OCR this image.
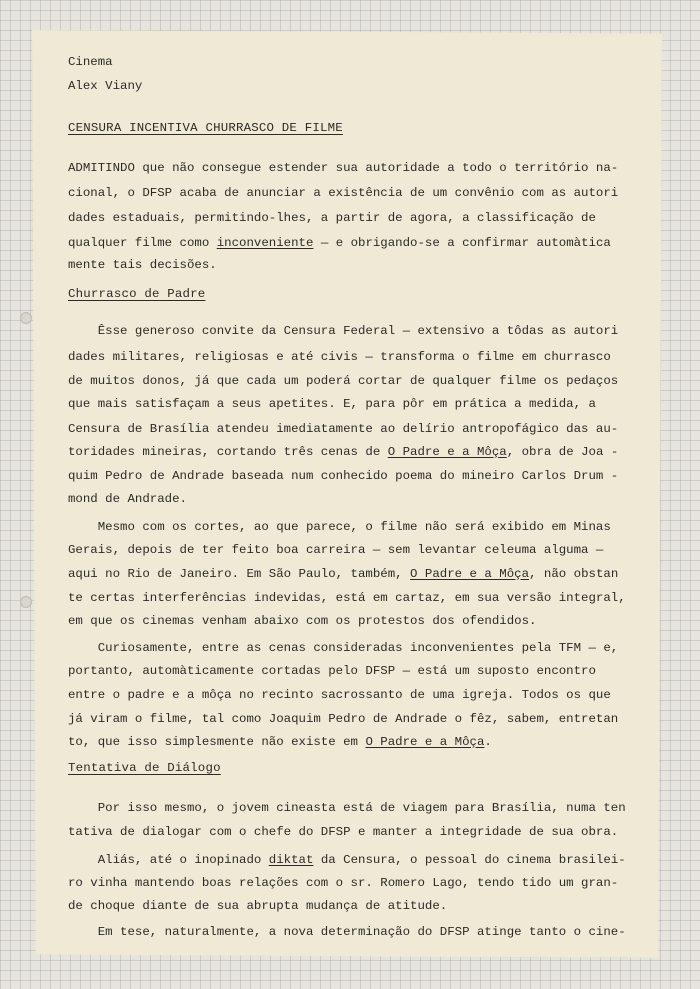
Cinema
Alex Viany
CENSURA INCENTIVA CHURRASCO DE FILME
ADMITINDO que não consegue estender sua autoridade a todo o território na-
cional, o DFSP acaba de anunciar a existência de um convênio com as autori
dades estaduais, permitindo-lhes, a partir de agora, a classificação de
qualquer filme como inconveniente — e obrigando-se a confirmar automàtica
mente tais decisões.
Churrasco de Padre
Êsse generoso convite da Censura Federal — extensivo a tôdas as autori
dades militares, religiosas e até civis — transforma o filme em churrasco
de muitos donos, já que cada um poderá cortar de qualquer filme os pedaços
que mais satisfaçam a seus apetites. E, para pôr em prática a medida, a
Censura de Brasília atendeu imediatamente ao delírio antropofágico das au-
toridades mineiras, cortando três cenas de O Padre e a Môça, obra de Joa -
quim Pedro de Andrade baseada num conhecido poema do mineiro Carlos Drum -
mond de Andrade.
Mesmo com os cortes, ao que parece, o filme não será exibido em Minas
Gerais, depois de ter feito boa carreira — sem levantar celeuma alguma —
aqui no Rio de Janeiro. Em São Paulo, também, O Padre e a Môça, não obstan
te certas interferências indevidas, está em cartaz, em sua versão integral,
em que os cinemas venham abaixo com os protestos dos ofendidos.
Curiosamente, entre as cenas consideradas inconvenientes pela TFM — e,
portanto, automàticamente cortadas pelo DFSP — está um suposto encontro
entre o padre e a môça no recinto sacrossanto de uma igreja. Todos os que
já viram o filme, tal como Joaquim Pedro de Andrade o fêz, sabem, entretan
to, que isso simplesmente não existe em O Padre e a Môça.
Tentativa de Diálogo
Por isso mesmo, o jovem cineasta está de viagem para Brasília, numa ten
tativa de dialogar com o chefe do DFSP e manter a integridade de sua obra.
Aliás, até o inopinado diktat da Censura, o pessoal do cinema brasilei-
ro vinha mantendo boas relações com o sr. Romero Lago, tendo tido um gran-
de choque diante de sua abrupta mudança de atitude.
Em tese, naturalmente, a nova determinação do DFSP atinge tanto o cine-
